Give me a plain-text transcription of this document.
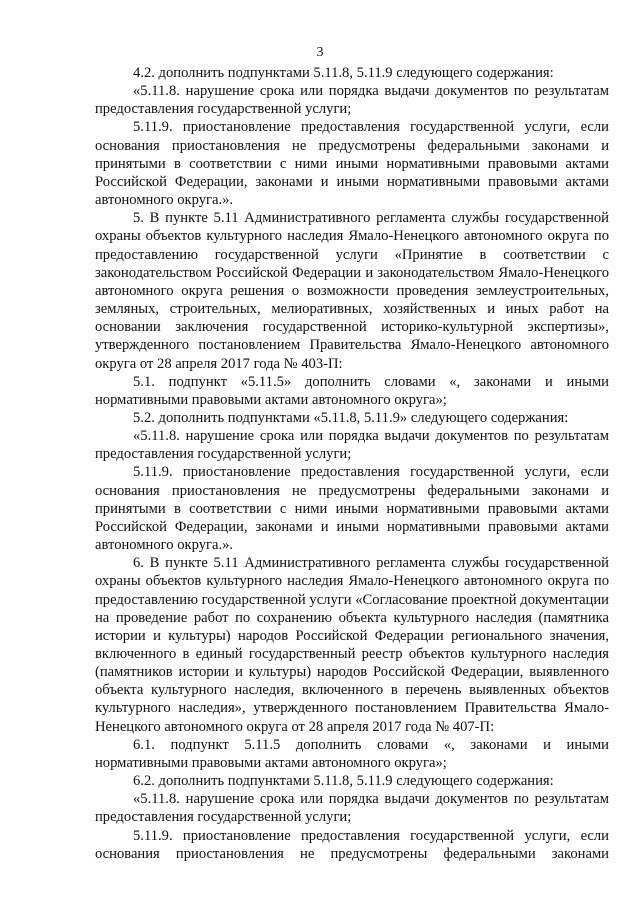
3

4.2. дополнить подпунктами 5.11.8, 5.11.9 следующего содержания:

«5.11.8. нарушение срока или порядка выдачи документов по результатам предоставления государственной услуги;

5.11.9. приостановление предоставления государственной услуги, если основания приостановления не предусмотрены федеральными законами и принятыми в соответствии с ними иными нормативными правовыми актами Российской Федерации, законами и иными нормативными правовыми актами автономного округа.».

5. В пункте 5.11 Административного регламента службы государственной охраны объектов культурного наследия Ямало-Ненецкого автономного округа по предоставлению государственной услуги «Принятие в соответствии с законодательством Российской Федерации и законодательством Ямало-Ненецкого автономного округа решения о возможности проведения землеустроительных, земляных, строительных, мелиоративных, хозяйственных и иных работ на основании заключения государственной историко-культурной экспертизы», утвержденного постановлением Правительства Ямало-Ненецкого автономного округа от 28 апреля 2017 года № 403-П:

5.1. подпункт «5.11.5» дополнить словами «, законами и иными нормативными правовыми актами автономного округа»;

5.2. дополнить подпунктами «5.11.8, 5.11.9» следующего содержания:

«5.11.8. нарушение срока или порядка выдачи документов по результатам предоставления государственной услуги;

5.11.9. приостановление предоставления государственной услуги, если основания приостановления не предусмотрены федеральными законами и принятыми в соответствии с ними иными нормативными правовыми актами Российской Федерации, законами и иными нормативными правовыми актами автономного округа.».

6. В пункте 5.11 Административного регламента службы государственной охраны объектов культурного наследия Ямало-Ненецкого автономного округа по предоставлению государственной услуги «Согласование проектной документации на проведение работ по сохранению объекта культурного наследия (памятника истории и культуры) народов Российской Федерации регионального значения, включенного в единый государственный реестр объектов культурного наследия (памятников истории и культуры) народов Российской Федерации, выявленного объекта культурного наследия, включенного в перечень выявленных объектов культурного наследия», утвержденного постановлением Правительства Ямало-Ненецкого автономного округа от 28 апреля 2017 года № 407-П:

6.1. подпункт 5.11.5 дополнить словами «, законами и иными нормативными правовыми актами автономного округа»;

6.2. дополнить подпунктами 5.11.8, 5.11.9 следующего содержания:

«5.11.8. нарушение срока или порядка выдачи документов по результатам предоставления государственной услуги;

5.11.9. приостановление предоставления государственной услуги, если основания приостановления не предусмотрены федеральными законами
